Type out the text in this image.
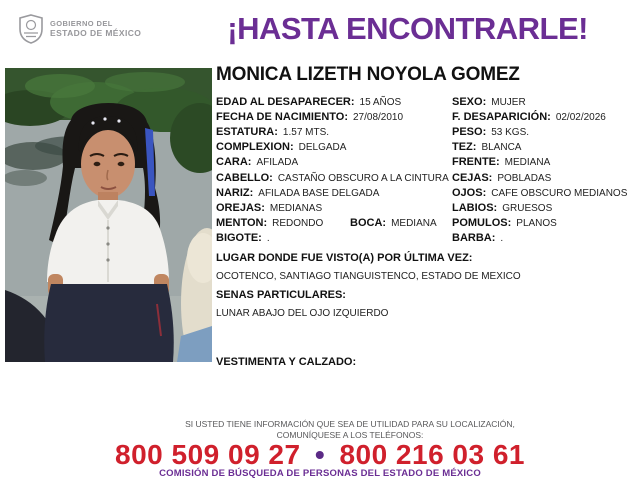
GOBIERNO DEL
ESTADO DE MÉXICO	¡HASTA ENCONTRARLE!
MONICA LIZETH NOYOLA GOMEZ
EDAD AL DESAPARECER: 15 AÑOS	SEXO: MUJER
FECHA DE NACIMIENTO: 27/08/2010	F. DESAPARICIÓN: 02/02/2026
ESTATURA: 1.57 MTS.	PESO: 53 KGS.
COMPLEXION: DELGADA	TEZ: BLANCA
CARA: AFILADA	FRENTE: MEDIANA
CABELLO: CASTAÑO OBSCURO A LA CINTURA CEJAS: POBLADAS
NARIZ: AFILADA BASE DELGADA	OJOS: CAFE OBSCURO MEDIANOS
OREJAS: MEDIANAS	LABIOS: GRUESOS
MENTON: REDONDO BOCA: MEDIANA POMULOS: PLANOS
BIGOTE: .	BARBA: .
LUGAR DONDE FUE VISTO(A) POR ÚLTIMA VEZ:
OCOTENCO, SANTIAGO TIANGUISTENCO, ESTADO DE MEXICO
SENAS PARTICULARES:
LUNAR ABAJO DEL OJO IZQUIERDO
VESTIMENTA Y CALZADO:
SI USTED TIENE INFORMACIÓN QUE SEA DE UTILIDAD PARA SU LOCALIZACIÓN,
COMUNÍQUESE A LOS TELÉFONOS:
800 509 09 27 • 800 216 03 61
COMISIÓN DE BÚSQUEDA DE PERSONAS DEL ESTADO DE MÉXICO
